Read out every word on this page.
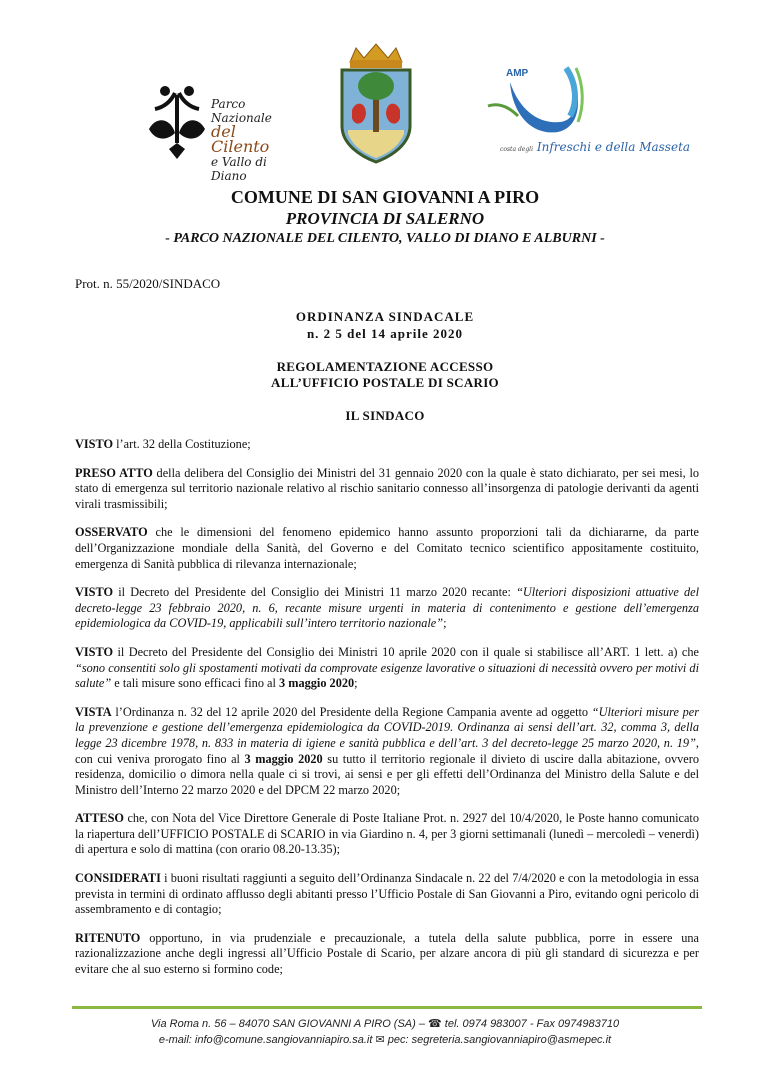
Parco Nazionale
del Cilento
e Vallo di Diano
AMP
costa degli Infreschi e della Masseta
COMUNE DI SAN GIOVANNI A PIRO
PROVINCIA DI SALERNO
- PARCO NAZIONALE DEL CILENTO, VALLO DI DIANO E ALBURNI -
Prot. n. 55/2020/SINDACO
ORDINANZA SINDACALE
n. 2 5 del 14 aprile 2020
REGOLAMENTAZIONE ACCESSO
ALL’UFFICIO POSTALE DI SCARIO
IL SINDACO

VISTO l’art. 32 della Costituzione;

PRESO ATTO della delibera del Consiglio dei Ministri del 31 gennaio 2020 con la quale è stato dichiarato, per sei mesi, lo stato di emergenza sul territorio nazionale relativo al rischio sanitario connesso all’insorgenza di patologie derivanti da agenti virali trasmissibili;

OSSERVATO che le dimensioni del fenomeno epidemico hanno assunto proporzioni tali da dichiararne, da parte dell’Organizzazione mondiale della Sanità, del Governo e del Comitato tecnico scientifico appositamente costituito, emergenza di Sanità pubblica di rilevanza internazionale;

VISTO il Decreto del Presidente del Consiglio dei Ministri 11 marzo 2020 recante: “Ulteriori disposizioni attuative del decreto-legge 23 febbraio 2020, n. 6, recante misure urgenti in materia di contenimento e gestione dell’emergenza epidemiologica da COVID-19, applicabili sull’intero territorio nazionale”;

VISTO il Decreto del Presidente del Consiglio dei Ministri 10 aprile 2020 con il quale si stabilisce all’ART. 1 lett. a) che “sono consentiti solo gli spostamenti motivati da comprovate esigenze lavorative o situazioni di necessità ovvero per motivi di salute” e tali misure sono efficaci fino al 3 maggio 2020;

VISTA l’Ordinanza n. 32 del 12 aprile 2020 del Presidente della Regione Campania avente ad oggetto “Ulteriori misure per la prevenzione e gestione dell’emergenza epidemiologica da COVID-2019. Ordinanza ai sensi dell’art. 32, comma 3, della legge 23 dicembre 1978, n. 833 in materia di igiene e sanità pubblica e dell’art. 3 del decreto-legge 25 marzo 2020, n. 19”, con cui veniva prorogato fino al 3 maggio 2020 su tutto il territorio regionale il divieto di uscire dalla abitazione, ovvero residenza, domicilio o dimora nella quale ci si trovi, ai sensi e per gli effetti dell’Ordinanza del Ministro della Salute e del Ministro dell’Interno 22 marzo 2020 e del DPCM 22 marzo 2020;

ATTESO che, con Nota del Vice Direttore Generale di Poste Italiane Prot. n. 2927 del 10/4/2020, le Poste hanno comunicato la riapertura dell’UFFICIO POSTALE di SCARIO in via Giardino n. 4, per 3 giorni settimanali (lunedì – mercoledì – venerdì) di apertura e solo di mattina (con orario 08.20-13.35);

CONSIDERATI i buoni risultati raggiunti a seguito dell’Ordinanza Sindacale n. 22 del 7/4/2020 e con la metodologia in essa prevista in termini di ordinato afflusso degli abitanti presso l’Ufficio Postale di San Giovanni a Piro, evitando ogni pericolo di assembramento e di contagio;

RITENUTO opportuno, in via prudenziale e precauzionale, a tutela della salute pubblica, porre in essere una razionalizzazione anche degli ingressi all’Ufficio Postale di Scario, per alzare ancora di più gli standard di sicurezza e per evitare che al suo esterno si formino code;

Via Roma n. 56 – 84070 SAN GIOVANNI A PIRO (SA) – ☎ tel. 0974 983007 - Fax 0974983710
e-mail: info@comune.sangiovanniapiro.sa.it ✉ pec: segreteria.sangiovanniapiro@asmepec.it
